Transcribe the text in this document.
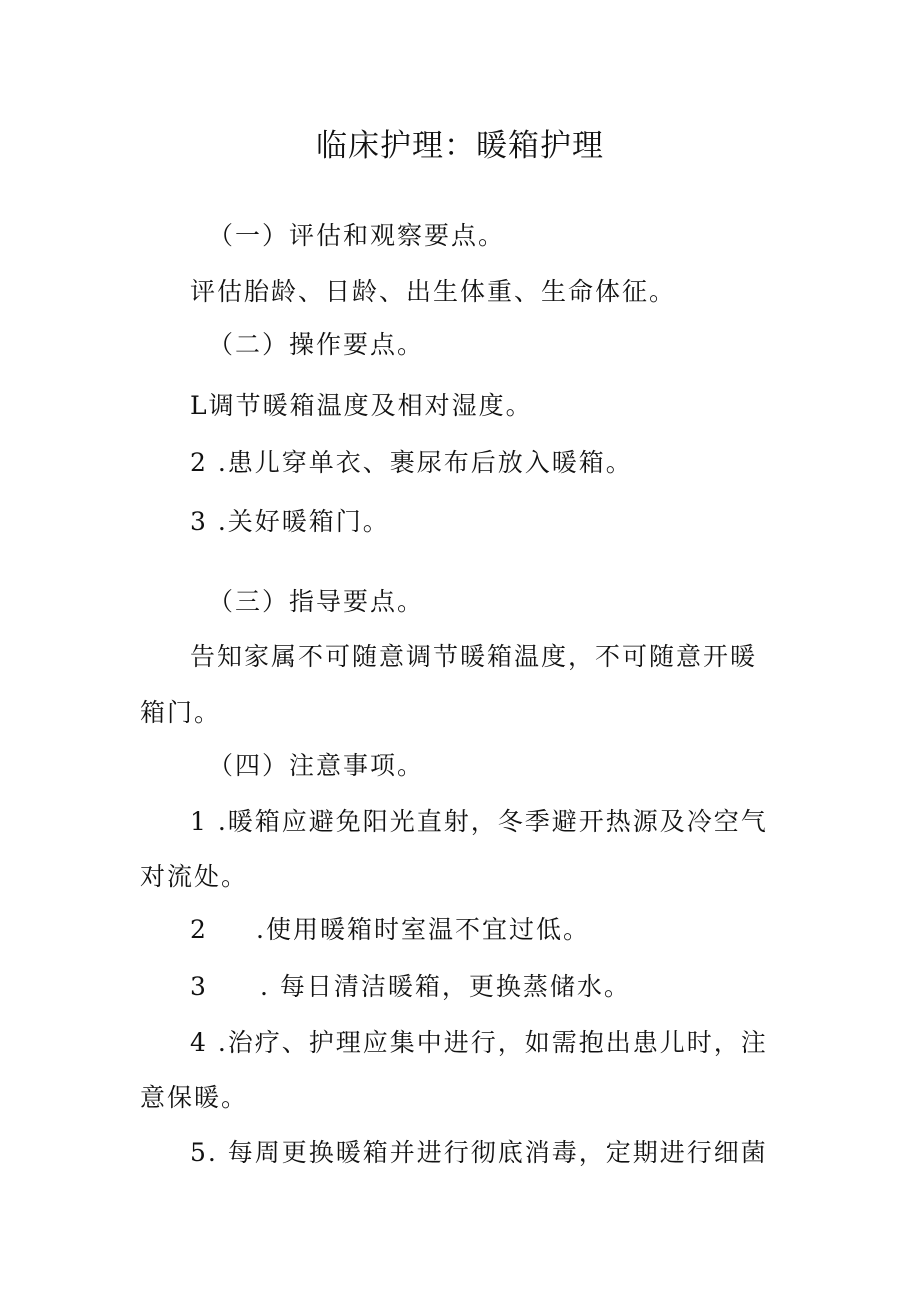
临床护理：暖箱护理
（一）评估和观察要点。
评估胎龄、日龄、出生体重、生命体征。
（二）操作要点。
L调节暖箱温度及相对湿度。
2 .患儿穿单衣、裹尿布后放入暖箱。
3 .关好暖箱门。
（三）指导要点。
告知家属不可随意调节暖箱温度，不可随意开暖
箱门。
（四）注意事项。
1 .暖箱应避免阳光直射，冬季避开热源及冷空气
对流处。
2 .使用暖箱时室温不宜过低。
3 . 每日清洁暖箱，更换蒸储水。
4 .治疗、护理应集中进行，如需抱出患儿时，注
意保暖。
5. 每周更换暖箱并进行彻底消毒，定期进行细菌
